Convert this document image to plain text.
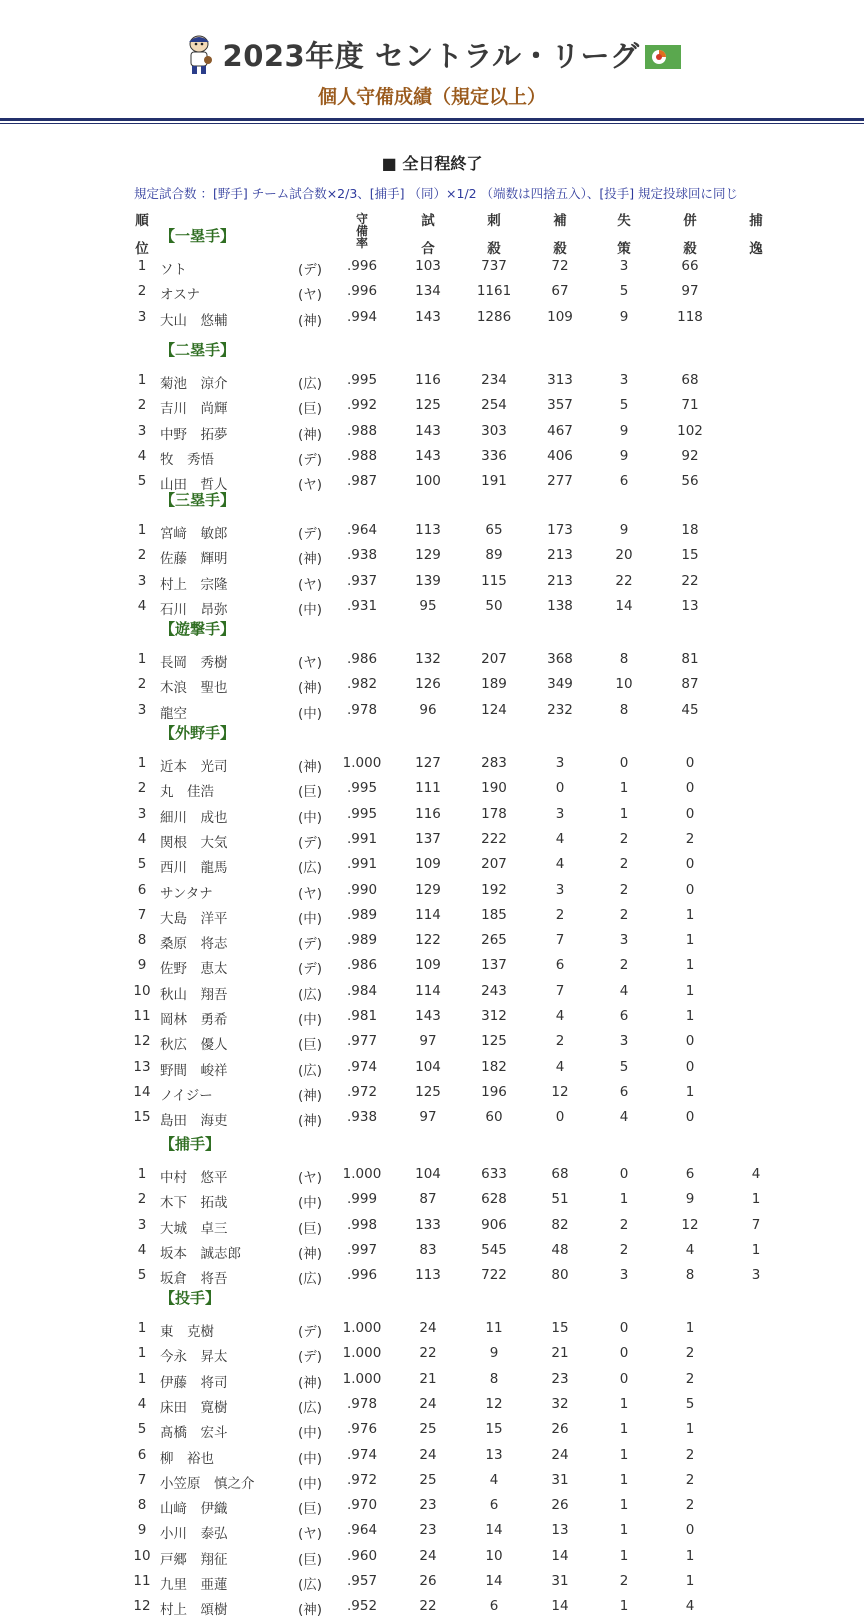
2023年度 セントラル・リーグ
個人守備成績（規定以上）
■ 全日程終了
規定試合数 ：[野手] チーム試合数×2/3、[捕手] （同）×1/2 （端数は四捨五入）、[投手] 規定投球回に同じ
順
位
守
備
率
試
合
刺
殺
補
殺
失
策
併
殺
捕
逸
【一塁手】
1	ソト	(デ)	.996	103	737	72	3	66
2	オスナ	(ヤ)	.996	134	1161	67	5	97
3	大山　悠輔	(神)	.994	143	1286	109	9	118
【二塁手】
1	菊池　涼介	(広)	.995	116	234	313	3	68
2	吉川　尚輝	(巨)	.992	125	254	357	5	71
3	中野　拓夢	(神)	.988	143	303	467	9	102
4	牧　秀悟	(デ)	.988	143	336	406	9	92
5	山田　哲人	(ヤ)	.987	100	191	277	6	56
【三塁手】
1	宮﨑　敏郎	(デ)	.964	113	65	173	9	18
2	佐藤　輝明	(神)	.938	129	89	213	20	15
3	村上　宗隆	(ヤ)	.937	139	115	213	22	22
4	石川　昂弥	(中)	.931	95	50	138	14	13
【遊撃手】
1	長岡　秀樹	(ヤ)	.986	132	207	368	8	81
2	木浪　聖也	(神)	.982	126	189	349	10	87
3	龍空	(中)	.978	96	124	232	8	45
【外野手】
1	近本　光司	(神)	1.000	127	283	3	0	0
2	丸　佳浩	(巨)	.995	111	190	0	1	0
3	細川　成也	(中)	.995	116	178	3	1	0
4	関根　大気	(デ)	.991	137	222	4	2	2
5	西川　龍馬	(広)	.991	109	207	4	2	0
6	サンタナ	(ヤ)	.990	129	192	3	2	0
7	大島　洋平	(中)	.989	114	185	2	2	1
8	桑原　将志	(デ)	.989	122	265	7	3	1
9	佐野　恵太	(デ)	.986	109	137	6	2	1
10 秋山　翔吾	(広)	.984	114	243	7	4	1
11 岡林　勇希	(中)	.981	143	312	4	6	1
12 秋広　優人	(巨)	.977	97	125	2	3	0
13 野間　峻祥	(広)	.974	104	182	4	5	0
14 ノイジー	(神)	.972	125	196	12	6	1
15 島田　海吏	(神)	.938	97	60	0	4	0
【捕手】
1	中村　悠平	(ヤ)	1.000	104	633	68	0	6	4
2	木下　拓哉	(中)	.999	87	628	51	1	9	1
3	大城　卓三	(巨)	.998	133	906	82	2	12	7
4	坂本　誠志郎	(神)	.997	83	545	48	2	4	1
5	坂倉　将吾	(広)	.996	113	722	80	3	8	3
【投手】
1	東　克樹	(デ)	1.000	24	11	15	0	1
1	今永　昇太	(デ)	1.000	22	9	21	0	2
1	伊藤　将司	(神)	1.000	21	8	23	0	2
4	床田　寛樹	(広)	.978	24	12	32	1	5
5	髙橋　宏斗	(中)	.976	25	15	26	1	1
6	柳　裕也	(中)	.974	24	13	24	1	2
7	小笠原　慎之介	(中)	.972	25	4	31	1	2
8	山﨑　伊織	(巨)	.970	23	6	26	1	2
9	小川　泰弘	(ヤ)	.964	23	14	13	1	0
10 戸郷　翔征	(巨)	.960	24	10	14	1	1
11 九里　亜蓮	(広)	.957	26	14	31	2	1
12 村上　頌樹	(神)	.952	22	6	14	1	4
